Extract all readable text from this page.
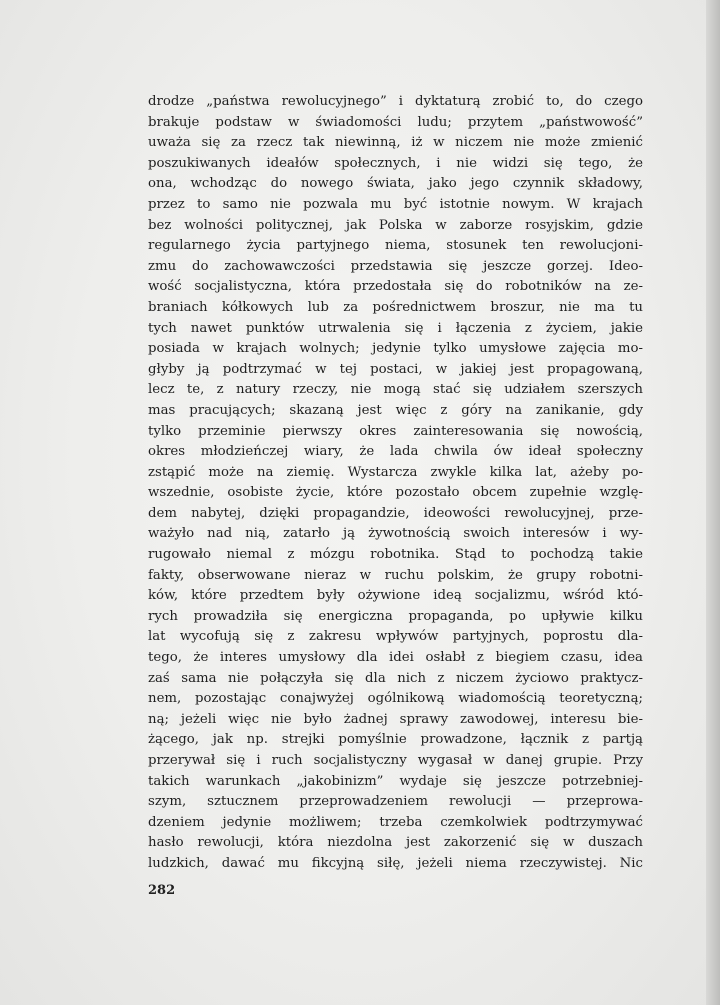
drodze „państwa rewolucyjnego” i dyktaturą zrobić to, do czego
brakuje podstaw w świadomości ludu; przytem „państwowość”
uważa się za rzecz tak niewinną, iż w niczem nie może zmienić
poszukiwanych ideałów społecznych, i nie widzi się tego, że
ona, wchodząc do nowego świata, jako jego czynnik składowy,
przez to samo nie pozwala mu być istotnie nowym. W krajach
bez wolności politycznej, jak Polska w zaborze rosyjskim, gdzie
regularnego życia partyjnego niema, stosunek ten rewolucjoni-
zmu do zachowawczości przedstawia się jeszcze gorzej. Ideo-
wość socjalistyczna, która przedostała się do robotników na ze-
braniach kółkowych lub za pośrednictwem broszur, nie ma tu
tych nawet punktów utrwalenia się i łączenia z życiem, jakie
posiada w krajach wolnych; jedynie tylko umysłowe zajęcia mo-
głyby ją podtrzymać w tej postaci, w jakiej jest propagowaną,
lecz te, z natury rzeczy, nie mogą stać się udziałem szerszych
mas pracujących; skazaną jest więc z góry na zanikanie, gdy
tylko przeminie pierwszy okres zainteresowania się nowością,
okres młodzieńczej wiary, że lada chwila ów ideał społeczny
zstąpić może na ziemię. Wystarcza zwykle kilka lat, ażeby po-
wszednie, osobiste życie, które pozostało obcem zupełnie wzglę-
dem nabytej, dzięki propagandzie, ideowości rewolucyjnej, prze-
ważyło nad nią, zatarło ją żywotnością swoich interesów i wy-
rugowało niemal z mózgu robotnika. Stąd to pochodzą takie
fakty, obserwowane nieraz w ruchu polskim, że grupy robotni-
ków, które przedtem były ożywione ideą socjalizmu, wśród któ-
rych prowadziła się energiczna propaganda, po upływie kilku
lat wycofują się z zakresu wpływów partyjnych, poprostu dla-
tego, że interes umysłowy dla idei osłabł z biegiem czasu, idea
zaś sama nie połączyła się dla nich z niczem życiowo praktycz-
nem, pozostając conajwyżej ogólnikową wiadomością teoretyczną;
ną; jeżeli więc nie było żadnej sprawy zawodowej, interesu bie-
żącego, jak np. strejki pomyślnie prowadzone, łącznik z partją
przerywał się i ruch socjalistyczny wygasał w danej grupie. Przy
takich warunkach „jakobinizm” wydaje się jeszcze potrzebniej-
szym, sztucznem przeprowadzeniem rewolucji — przeprowa-
dzeniem jedynie możliwem; trzeba czemkolwiek podtrzymywać
hasło rewolucji, która niezdolna jest zakorzenić się w duszach
ludzkich, dawać mu fikcyjną siłę, jeżeli niema rzeczywistej. Nic
282
